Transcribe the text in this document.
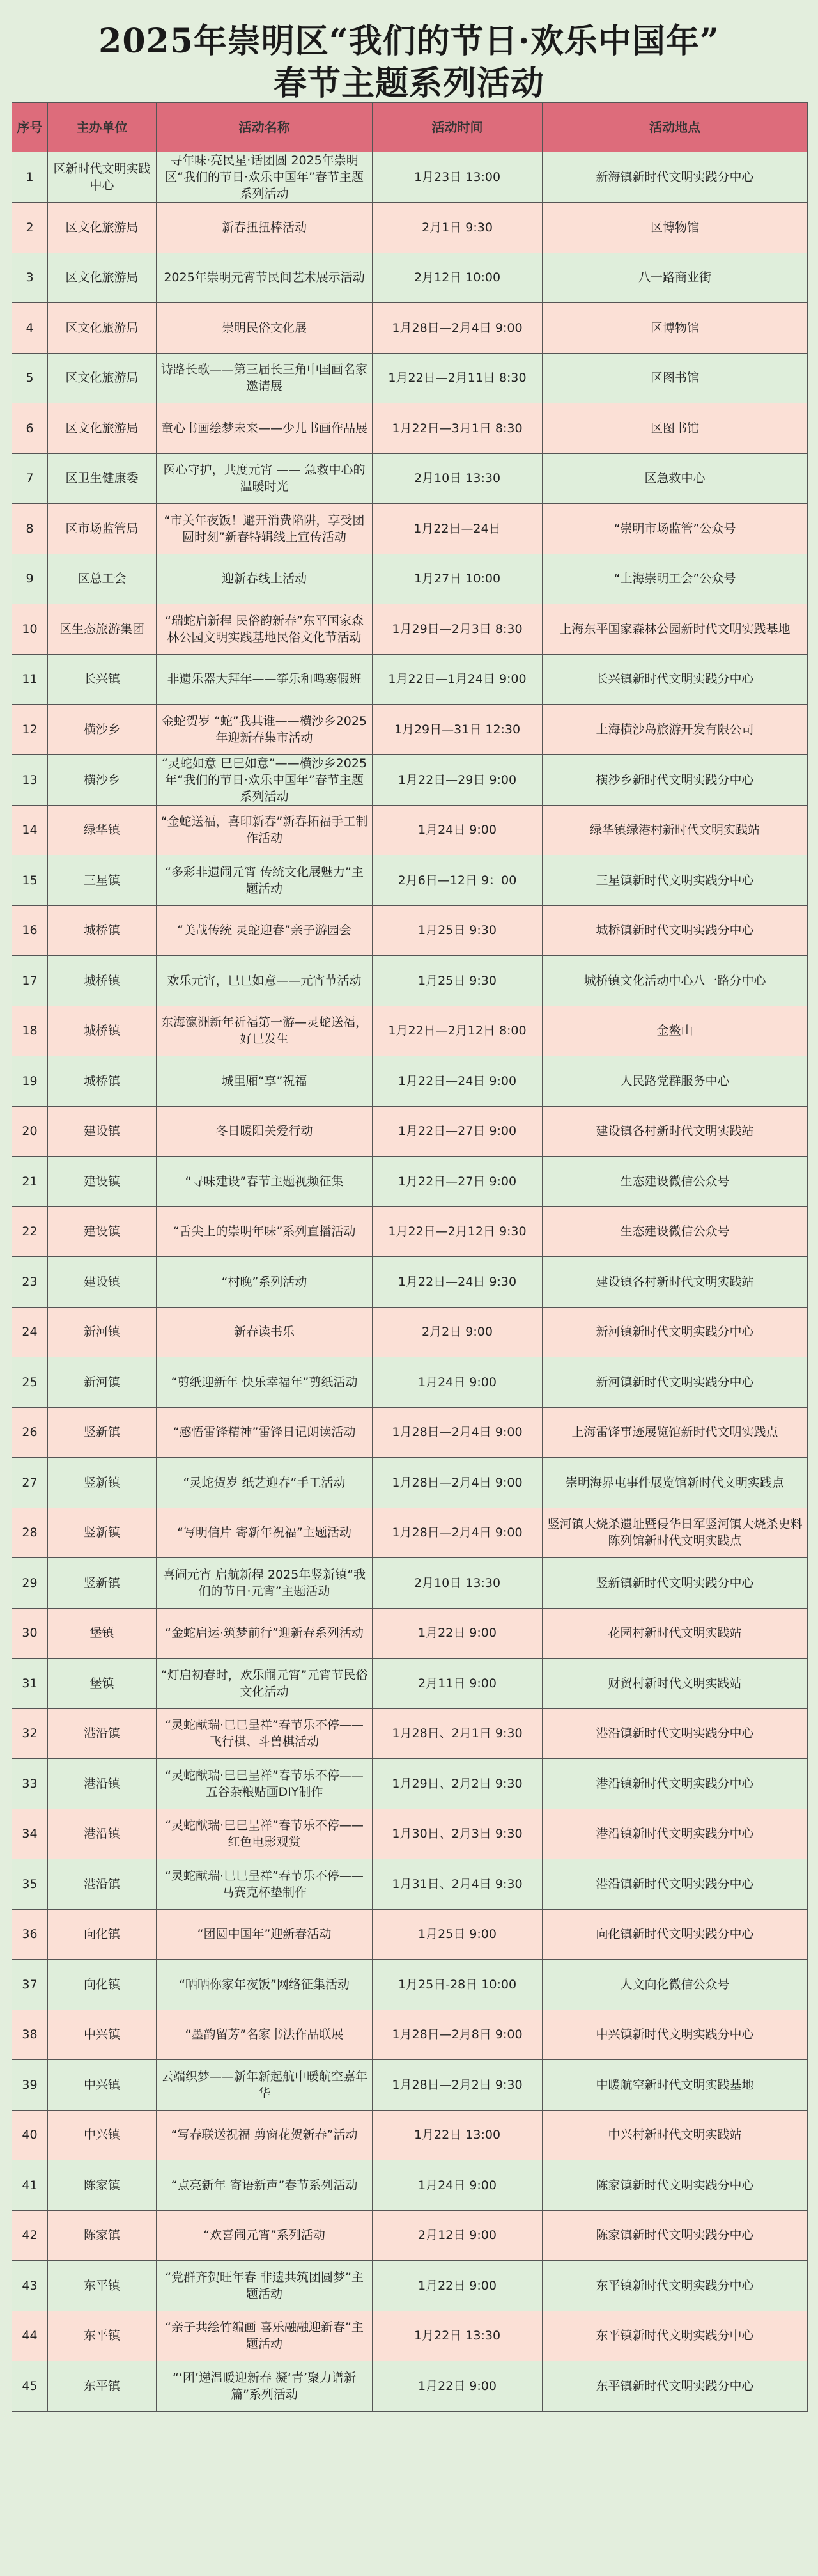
2025年崇明区“我们的节日·欢乐中国年”
春节主题系列活动
序号	主办单位	活动名称	活动时间	活动地点
1	区新时代文明实践中心	寻年味·亮民星·话团圆 2025年崇明区“我们的节日·欢乐中国年”春节主题系列活动	1月23日 13:00	新海镇新时代文明实践分中心
2	区文化旅游局	新春扭扭棒活动	2月1日 9:30	区博物馆
3	区文化旅游局	2025年崇明元宵节民间艺术展示活动	2月12日 10:00	八一路商业街
4	区文化旅游局	崇明民俗文化展	1月28日—2月4日 9:00	区博物馆
5	区文化旅游局	诗路长歌——第三届长三角中国画名家邀请展	1月22日—2月11日 8:30	区图书馆
6	区文化旅游局	童心书画绘梦未来——少儿书画作品展	1月22日—3月1日 8:30	区图书馆
7	区卫生健康委	医心守护，共度元宵 —— 急救中心的温暖时光	2月10日 13:30	区急救中心
8	区市场监管局	“市关年夜饭！避开消费陷阱，享受团圆时刻”新春特辑线上宣传活动	1月22日—24日	“崇明市场监管”公众号
9	区总工会	迎新春线上活动	1月27日 10:00	“上海崇明工会”公众号
10	区生态旅游集团	“瑞蛇启新程 民俗韵新春”东平国家森林公园文明实践基地民俗文化节活动	1月29日—2月3日 8:30	上海东平国家森林公园新时代文明实践基地
11	长兴镇	非遗乐器大拜年——筝乐和鸣寒假班	1月22日—1月24日 9:00	长兴镇新时代文明实践分中心
12	横沙乡	金蛇贺岁 “蛇”我其谁——横沙乡2025年迎新春集市活动	1月29日—31日 12:30	上海横沙岛旅游开发有限公司
13	横沙乡	“灵蛇如意 巳巳如意”——横沙乡2025年“我们的节日·欢乐中国年”春节主题系列活动	1月22日—29日 9:00	横沙乡新时代文明实践分中心
14	绿华镇	“金蛇送福，喜印新春”新春拓福手工制作活动	1月24日 9:00	绿华镇绿港村新时代文明实践站
15	三星镇	“多彩非遗闹元宵 传统文化展魅力”主题活动	2月6日—12日 9：00	三星镇新时代文明实践分中心
16	城桥镇	“美哉传统 灵蛇迎春”亲子游园会	1月25日 9:30	城桥镇新时代文明实践分中心
17	城桥镇	欢乐元宵，巳巳如意——元宵节活动	1月25日 9:30	城桥镇文化活动中心八一路分中心
18	城桥镇	东海瀛洲新年祈福第一游—灵蛇送福，好巳发生	1月22日—2月12日 8:00	金鳌山
19	城桥镇	城里厢“享”祝福	1月22日—24日 9:00	人民路党群服务中心
20	建设镇	冬日暖阳关爱行动	1月22日—27日 9:00	建设镇各村新时代文明实践站
21	建设镇	“寻味建设”春节主题视频征集	1月22日—27日 9:00	生态建设微信公众号
22	建设镇	“舌尖上的崇明年味”系列直播活动	1月22日—2月12日 9:30	生态建设微信公众号
23	建设镇	“村晚”系列活动	1月22日—24日 9:30	建设镇各村新时代文明实践站
24	新河镇	新春读书乐	2月2日 9:00	新河镇新时代文明实践分中心
25	新河镇	“剪纸迎新年 快乐幸福年”剪纸活动	1月24日 9:00	新河镇新时代文明实践分中心
26	竖新镇	“感悟雷锋精神”雷锋日记朗读活动	1月28日—2月4日 9:00	上海雷锋事迹展览馆新时代文明实践点
27	竖新镇	“灵蛇贺岁 纸艺迎春”手工活动	1月28日—2月4日 9:00	崇明海界屯事件展览馆新时代文明实践点
28	竖新镇	“写明信片 寄新年祝福”主题活动	1月28日—2月4日 9:00	竖河镇大烧杀遗址暨侵华日军竖河镇大烧杀史料陈列馆新时代文明实践点
29	竖新镇	喜闹元宵 启航新程 2025年竖新镇“我们的节日·元宵”主题活动	2月10日 13:30	竖新镇新时代文明实践分中心
30	堡镇	“金蛇启运·筑梦前行”迎新春系列活动	1月22日 9:00	花园村新时代文明实践站
31	堡镇	“灯启初春时，欢乐闹元宵”元宵节民俗文化活动	2月11日 9:00	财贸村新时代文明实践站
32	港沿镇	“灵蛇献瑞·巳巳呈祥”春节乐不停——飞行棋、斗兽棋活动	1月28日、2月1日 9:30	港沿镇新时代文明实践分中心
33	港沿镇	“灵蛇献瑞·巳巳呈祥”春节乐不停——五谷杂粮贴画DIY制作	1月29日、2月2日 9:30	港沿镇新时代文明实践分中心
34	港沿镇	“灵蛇献瑞·巳巳呈祥”春节乐不停——红色电影观赏	1月30日、2月3日 9:30	港沿镇新时代文明实践分中心
35	港沿镇	“灵蛇献瑞·巳巳呈祥”春节乐不停——马赛克杯垫制作	1月31日、2月4日 9:30	港沿镇新时代文明实践分中心
36	向化镇	“团圆中国年”迎新春活动	1月25日 9:00	向化镇新时代文明实践分中心
37	向化镇	“晒晒你家年夜饭”网络征集活动	1月25日-28日 10:00	人文向化微信公众号
38	中兴镇	“墨韵留芳”名家书法作品联展	1月28日—2月8日 9:00	中兴镇新时代文明实践分中心
39	中兴镇	云端织梦——新年新起航中暖航空嘉年华	1月28日—2月2日 9:30	中暖航空新时代文明实践基地
40	中兴镇	“写春联送祝福 剪窗花贺新春”活动	1月22日 13:00	中兴村新时代文明实践站
41	陈家镇	“点亮新年 寄语新声”春节系列活动	1月24日 9:00	陈家镇新时代文明实践分中心
42	陈家镇	“欢喜闹元宵”系列活动	2月12日 9:00	陈家镇新时代文明实践分中心
43	东平镇	“党群齐贺旺年春 非遗共筑团圆梦”主题活动	1月22日 9:00	东平镇新时代文明实践分中心
44	东平镇	“亲子共绘竹编画 喜乐融融迎新春”主题活动	1月22日 13:30	东平镇新时代文明实践分中心
45	东平镇	“‘团’递温暖迎新春 凝‘青’聚力谱新篇”系列活动	1月22日 9:00	东平镇新时代文明实践分中心
